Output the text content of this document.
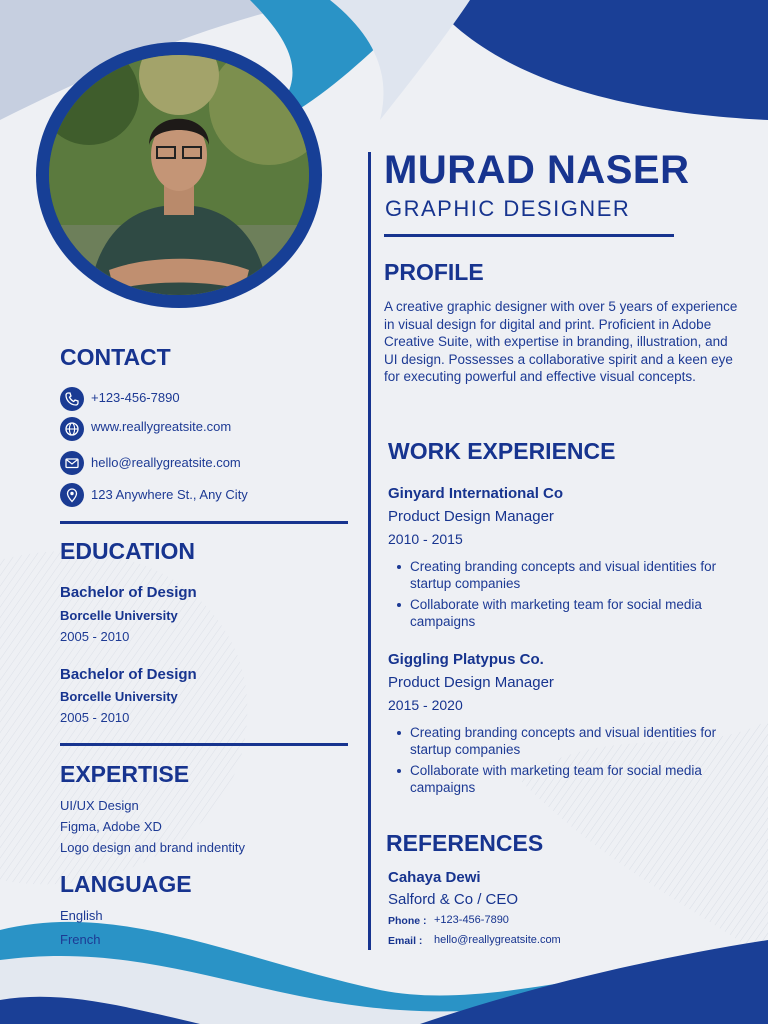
MURAD NASER
GRAPHIC DESIGNER
PROFILE
A creative graphic designer with over 5 years of experience in visual design for digital and print. Proficient in Adobe Creative Suite, with expertise in branding, illustration, and UI design. Possesses a collaborative spirit and a keen eye for executing powerful and effective visual concepts.
CONTACT
+123-456-7890
www.reallygreatsite.com
hello@reallygreatsite.com
123 Anywhere St., Any City
EDUCATION
Bachelor of Design
Borcelle University
2005 - 2010
Bachelor of Design
Borcelle University
2005 - 2010
EXPERTISE
UI/UX Design
Figma, Adobe XD
Logo design and brand indentity
LANGUAGE
English
French
WORK EXPERIENCE
Ginyard International Co
Product Design Manager
2010 - 2015
Creating branding concepts and visual identities for startup companies
Collaborate with marketing team for social media campaigns
Giggling Platypus Co.
Product Design Manager
2015 - 2020
Creating branding concepts and visual identities for startup companies
Collaborate with marketing team for social media campaigns
REFERENCES
Cahaya Dewi
Salford & Co / CEO
Phone : +123-456-7890
Email : hello@reallygreatsite.com
